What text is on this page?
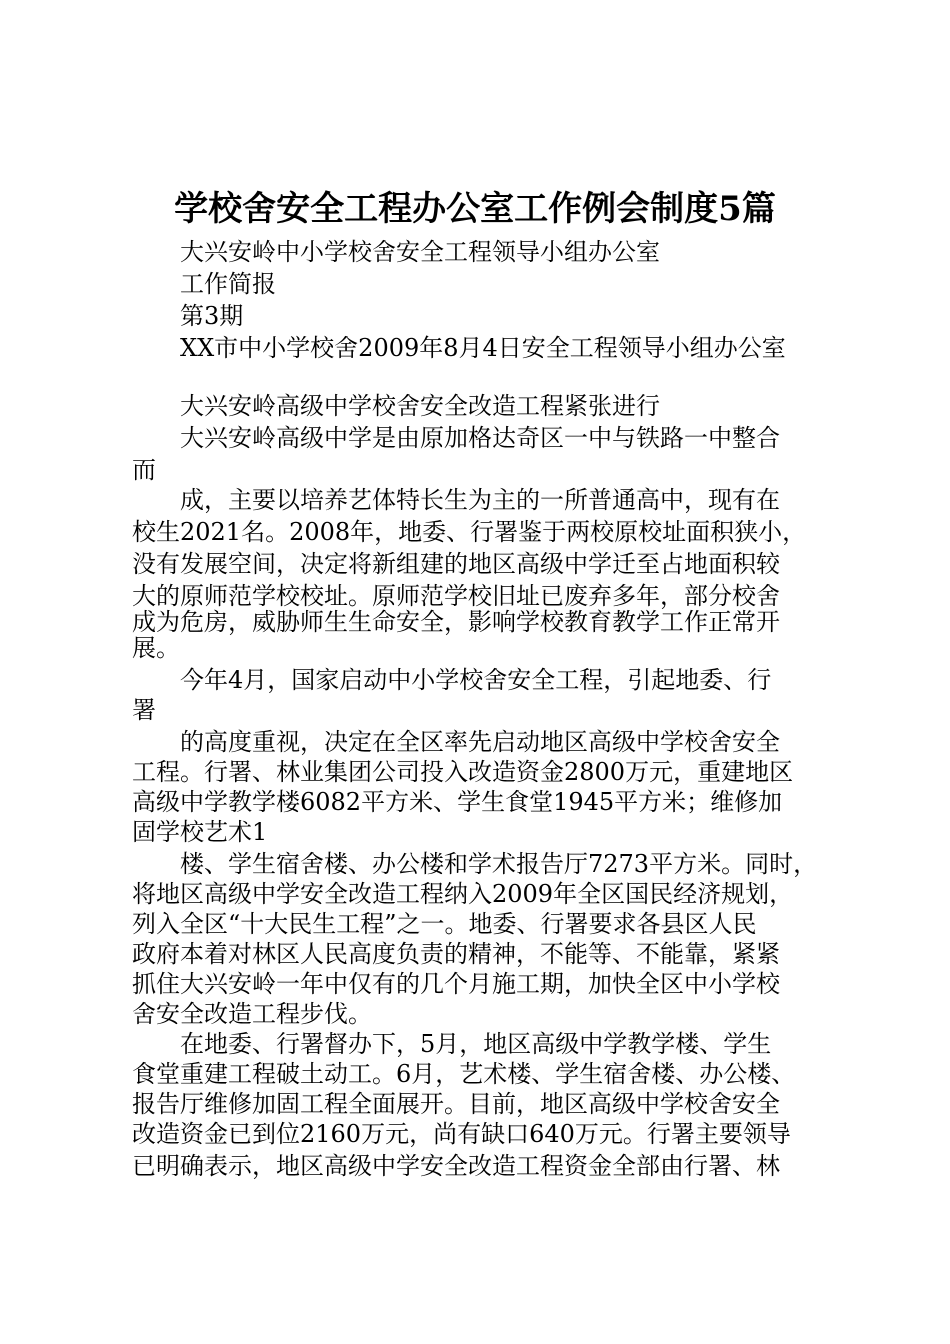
学校舍安全工程办公室工作例会制度5篇
大兴安岭中小学校舍安全工程领导小组办公室
工作简报
第3期
XX市中小学校舍2009年8月4日安全工程领导小组办公室
大兴安岭高级中学校舍安全改造工程紧张进行
大兴安岭高级中学是由原加格达奇区一中与铁路一中整合
而
成，主要以培养艺体特长生为主的一所普通高中，现有在
校生2021名。2008年，地委、行署鉴于两校原校址面积狭小，
没有发展空间，决定将新组建的地区高级中学迁至占地面积较
大的原师范学校校址。原师范学校旧址已废弃多年，部分校舍
成为危房，威胁师生生命安全，影响学校教育教学工作正常开
展。
今年4月，国家启动中小学校舍安全工程，引起地委、行
署
的高度重视，决定在全区率先启动地区高级中学校舍安全
工程。行署、林业集团公司投入改造资金2800万元，重建地区
高级中学教学楼6082平方米、学生食堂1945平方米；维修加
固学校艺术1
楼、学生宿舍楼、办公楼和学术报告厅7273平方米。同时，
将地区高级中学安全改造工程纳入2009年全区国民经济规划，
列入全区“十大民生工程”之一。地委、行署要求各县区人民
政府本着对林区人民高度负责的精神，不能等、不能靠，紧紧
抓住大兴安岭一年中仅有的几个月施工期，加快全区中小学校
舍安全改造工程步伐。
在地委、行署督办下，5月，地区高级中学教学楼、学生
食堂重建工程破土动工。6月，艺术楼、学生宿舍楼、办公楼、
报告厅维修加固工程全面展开。目前，地区高级中学校舍安全
改造资金已到位2160万元，尚有缺口640万元。行署主要领导
已明确表示，地区高级中学安全改造工程资金全部由行署、林
